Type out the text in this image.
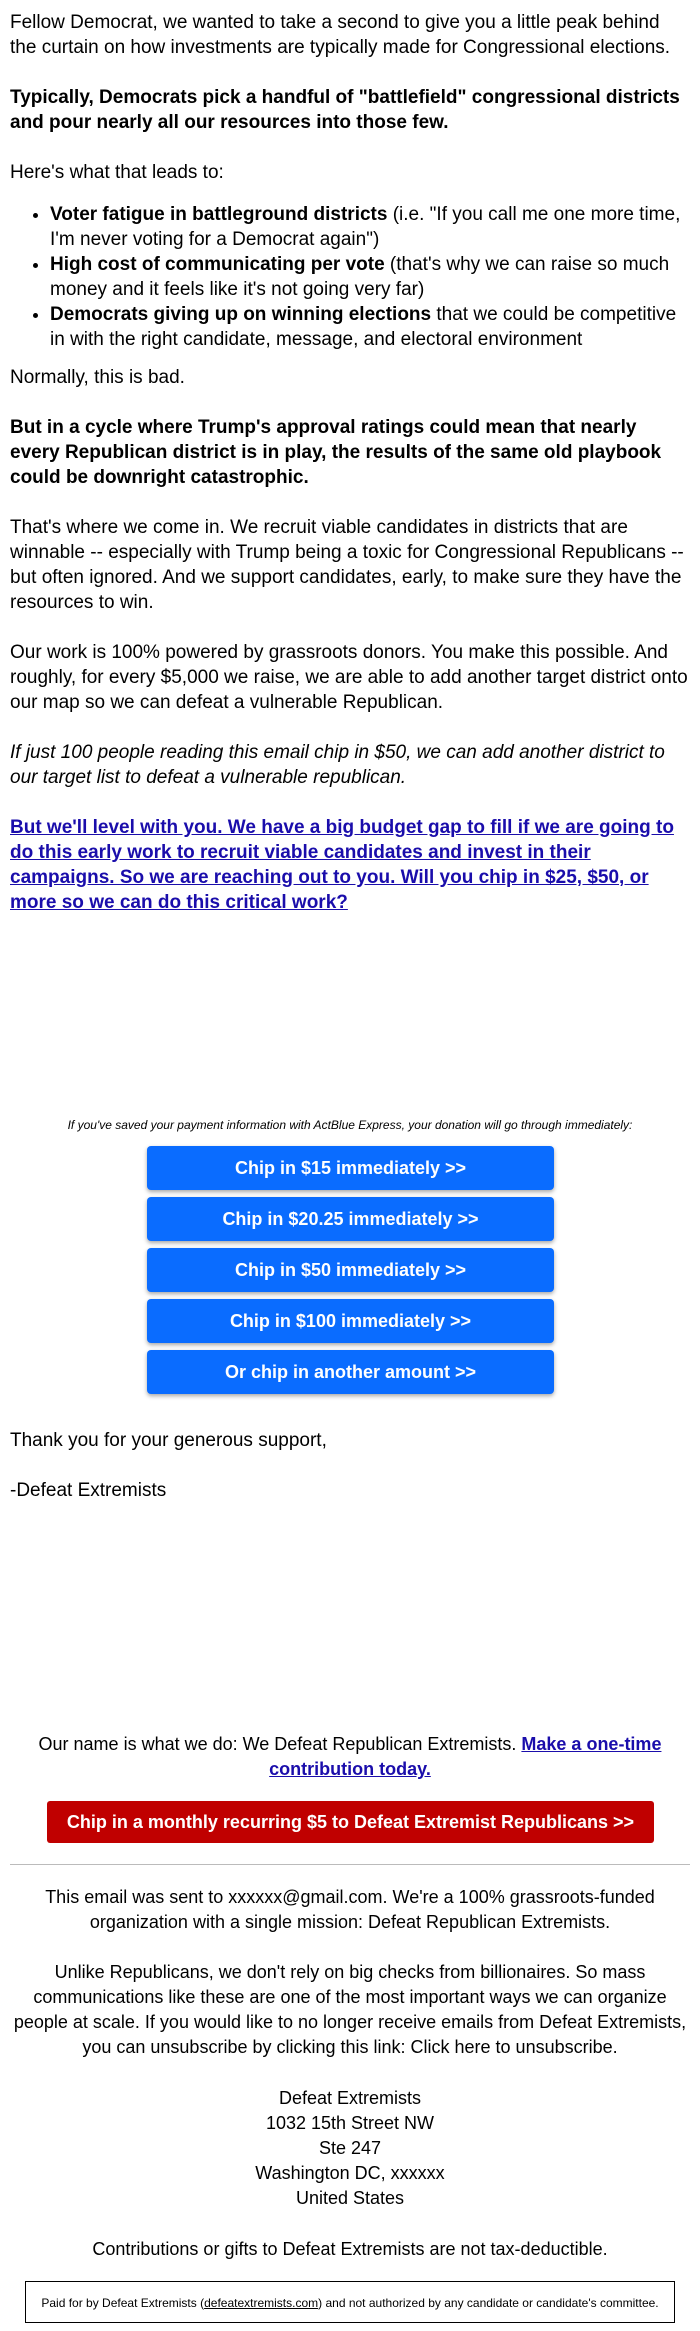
Fellow Democrat, we wanted to take a second to give you a little peak behind the curtain on how investments are typically made for Congressional elections.

Typically, Democrats pick a handful of "battlefield" congressional districts and pour nearly all our resources into those few.

Here's what that leads to:

• Voter fatigue in battleground districts (i.e. "If you call me one more time, I'm never voting for a Democrat again")
• High cost of communicating per vote (that's why we can raise so much money and it feels like it's not going very far)
• Democrats giving up on winning elections that we could be competitive in with the right candidate, message, and electoral environment

Normally, this is bad.

But in a cycle where Trump's approval ratings could mean that nearly every Republican district is in play, the results of the same old playbook could be downright catastrophic.

That's where we come in. We recruit viable candidates in districts that are winnable -- especially with Trump being a toxic for Congressional Republicans -- but often ignored. And we support candidates, early, to make sure they have the resources to win.

Our work is 100% powered by grassroots donors. You make this possible. And roughly, for every $5,000 we raise, we are able to add another target district onto our map so we can defeat a vulnerable Republican.

If just 100 people reading this email chip in $50, we can add another district to our target list to defeat a vulnerable republican.

But we'll level with you. We have a big budget gap to fill if we are going to do this early work to recruit viable candidates and invest in their campaigns. So we are reaching out to you. Will you chip in $25, $50, or more so we can do this critical work?

If you've saved your payment information with ActBlue Express, your donation will go through immediately:
Chip in $15 immediately >>
Chip in $20.25 immediately >>
Chip in $50 immediately >>
Chip in $100 immediately >>
Or chip in another amount >>

Thank you for your generous support,

-Defeat Extremists

Our name is what we do: We Defeat Republican Extremists. Make a one-time contribution today.
Chip in a monthly recurring $5 to Defeat Extremist Republicans >>
This email was sent to xxxxxx@gmail.com. We're a 100% grassroots-funded organization with a single mission: Defeat Republican Extremists.
Unlike Republicans, we don't rely on big checks from billionaires. So mass communications like these are one of the most important ways we can organize people at scale. If you would like to no longer receive emails from Defeat Extremists, you can unsubscribe by clicking this link: Click here to unsubscribe.
Defeat Extremists
1032 15th Street NW
Ste 247
Washington DC, xxxxxx
United States
Contributions or gifts to Defeat Extremists are not tax-deductible.
Paid for by Defeat Extremists (defeatextremists.com) and not authorized by any candidate or candidate's committee.
